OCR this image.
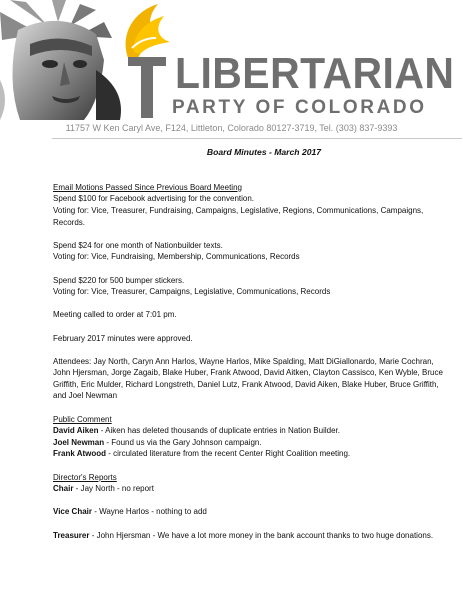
LIBERTARIAN
PARTY OF COLORADO
11757 W Ken Caryl Ave, F124, Littleton, Colorado 80127-3719, Tel. (303) 837-9393

Board Minutes - March 2017

Email Motions Passed Since Previous Board Meeting

Spend $100 for Facebook advertising for the convention.

Voting for: Vice, Treasurer, Fundraising, Campaigns, Legislative, Regions, Communications, Campaigns, Records.

Spend $24 for one month of Nationbuilder texts.

Voting for: Vice, Fundraising, Membership, Communications, Records

Spend $220 for 500 bumper stickers.

Voting for: Vice, Treasurer, Campaigns, Legislative, Communications, Records

Meeting called to order at 7:01 pm.

February 2017 minutes were approved.

Attendees: Jay North, Caryn Ann Harlos, Wayne Harlos, Mike Spalding, Matt DiGiallonardo, Marie Cochran, John Hjersman, Jorge Zagaib, Blake Huber, Frank Atwood, David Aitken, Clayton Cassisco, Ken Wyble, Bruce Griffith, Eric Mulder, Richard Longstreth, Daniel Lutz, Frank Atwood, David Aiken, Blake Huber, Bruce Griffith, and Joel Newman

Public Comment

David Aiken - Aiken has deleted thousands of duplicate entries in Nation Builder.

Joel Newman - Found us via the Gary Johnson campaign.

Frank Atwood - circulated literature from the recent Center Right Coalition meeting.

Director's Reports

Chair - Jay North - no report

Vice Chair - Wayne Harlos - nothing to add

Treasurer - John Hjersman - We have a lot more money in the bank account thanks to two huge donations.
